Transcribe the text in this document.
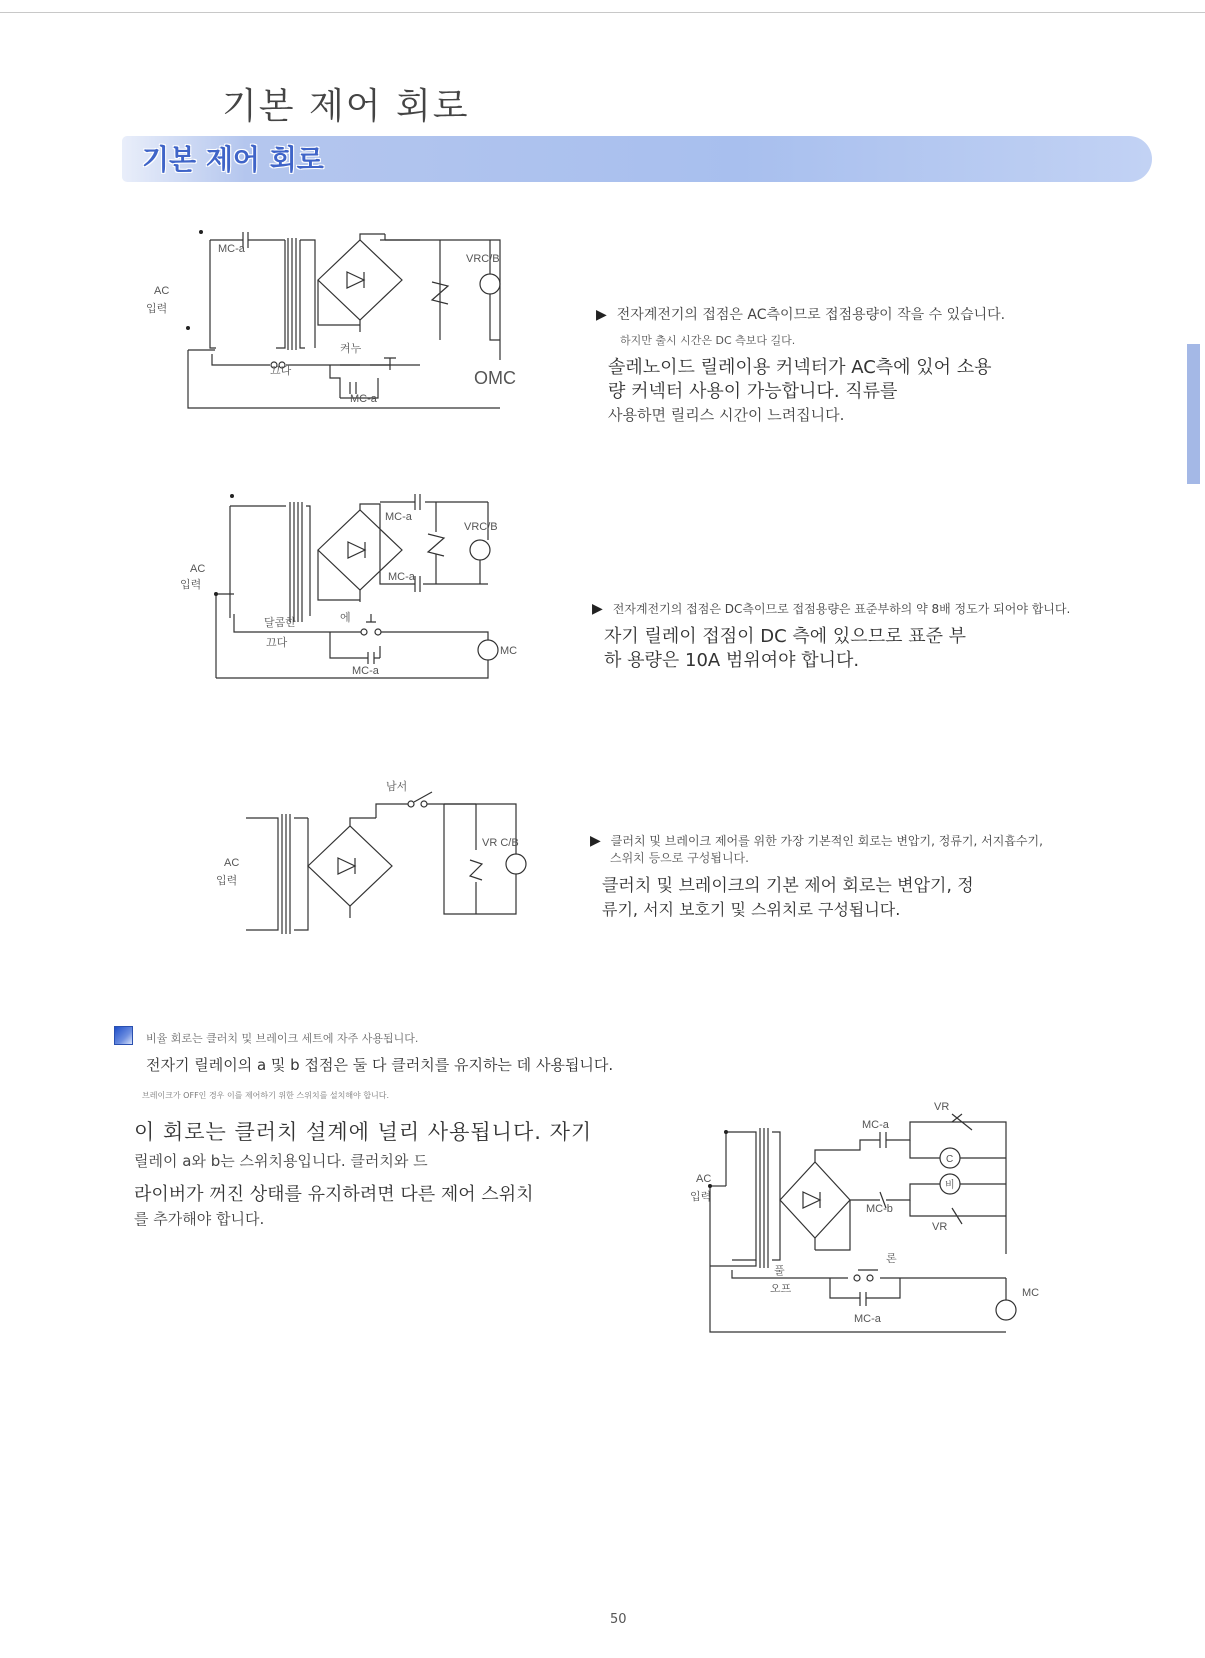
기본 제어 회로
기본 제어 회로
MC-a
VRC/B
AC
입력
켜누
끄다
MC-a
OMC
MC-a
VRC/B
AC
입력
MC-a
에
달콤한
끄다
MC-a
MC
남서
VR C/B
AC
입력
VR
MC-a
C
AC
입력
비
MC-b
VR
풀
론
오프
MC-a
MC
▶ 전자계전기의 접점은 AC측이므로 접점용량이 작을 수 있습니다.
하지만 출시 시간은 DC 측보다 길다.
솔레노이드 릴레이용 커넥터가 AC측에 있어 소용
량 커넥터 사용이 가능합니다. 직류를
사용하면 릴리스 시간이 느려집니다.
▶ 전자계전기의 접점은 DC측이므로 접점용량은 표준부하의 약 8배 정도가 되어야 합니다.
자기 릴레이 접점이 DC 측에 있으므로 표준 부
하 용량은 10A 범위여야 합니다.
▶ 클러치 및 브레이크 제어를 위한 가장 기본적인 회로는 변압기, 정류기, 서지흡수기,
스위치 등으로 구성됩니다.
클러치 및 브레이크의 기본 제어 회로는 변압기, 정
류기, 서지 보호기 및 스위치로 구성됩니다.
비율 회로는 클러치 및 브레이크 세트에 자주 사용됩니다.
전자기 릴레이의 a 및 b 접점은 둘 다 클러치를 유지하는 데 사용됩니다.
브레이크가 OFF인 경우 이를 제어하기 위한 스위치를 설치해야 합니다.
이 회로는 클러치 설계에 널리 사용됩니다. 자기
릴레이 a와 b는 스위치용입니다. 클러치와 드
라이버가 꺼진 상태를 유지하려면 다른 제어 스위치
를 추가해야 합니다.
50
